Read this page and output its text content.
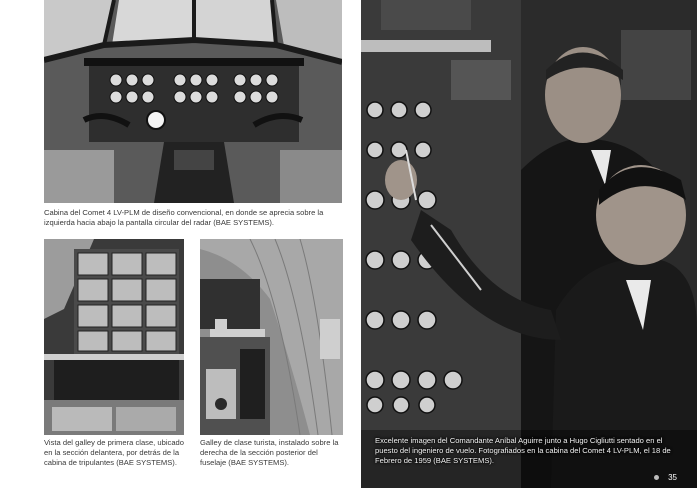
Cabina del Comet 4 LV-PLM de diseño convencional, en donde se aprecia sobre la izquierda hacia abajo la pantalla circular del radar (BAE SYSTEMS).

Vista del galley de primera clase, ubicado en la sección delantera, por detrás de la cabina de tripulantes (BAE SYSTEMS).

Galley de clase turista, instalado sobre la derecha de la sección posterior del fuselaje (BAE SYSTEMS).

Excelente imagen del Comandante Aníbal Aguirre junto a Hugo Cigliutti sentado en el puesto del ingeniero de vuelo. Fotografiados en la cabina del Comet 4 LV-PLM, el 18 de Febrero de 1959 (BAE SYSTEMS).

35
